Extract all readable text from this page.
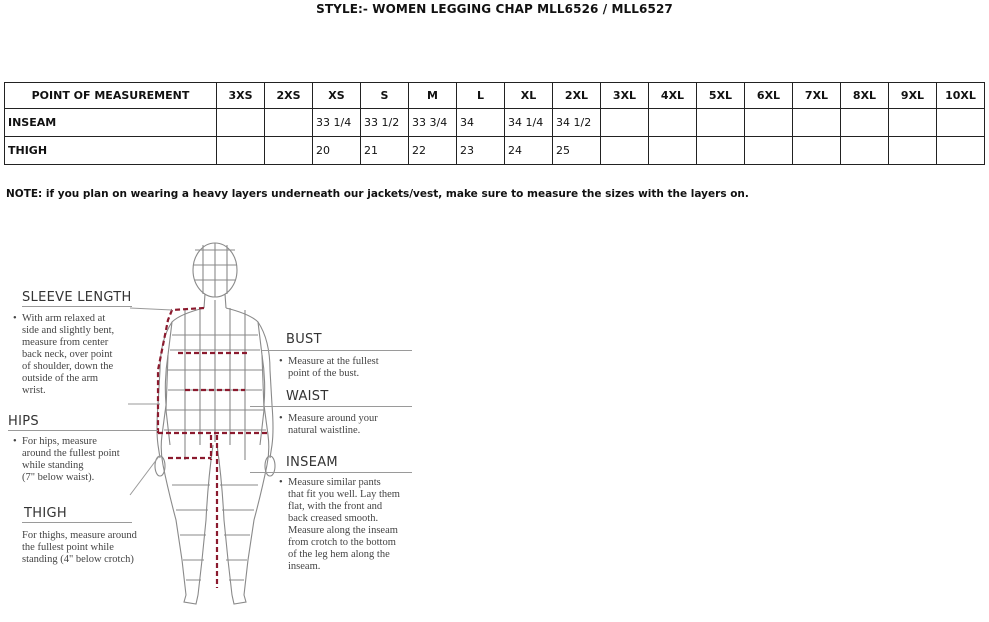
STYLE:- WOMEN LEGGING CHAP MLL6526 / MLL6527
POINT OF MEASUREMENT	3XS	2XS	XS	S	M	L	XL	2XL	3XL	4XL	5XL	6XL	7XL	8XL	9XL	10XL
INSEAM			33 1/4	33 1/2	33 3/4	34	34 1/4	34 1/2								
THIGH			20	21	22	23	24	25								
NOTE: if you plan on wearing a heavy layers underneath our jackets/vest, make sure to measure the sizes with the layers on.
SLEEVE LENGTH
• With arm relaxed at
side and slightly bent,
measure from center
back neck, over point
of shoulder, down the
outside of the arm
wrist.
HIPS
• For hips, measure
around the fullest point
while standing
(7" below waist).
THIGH
For thighs, measure around
the fullest point while
standing (4" below crotch)
BUST
• Measure at the fullest
point of the bust.
WAIST
• Measure around your
natural waistline.
INSEAM
• Measure similar pants
that fit you well. Lay them
flat, with the front and
back creased smooth.
Measure along the inseam
from crotch to the bottom
of the leg hem along the
inseam.
